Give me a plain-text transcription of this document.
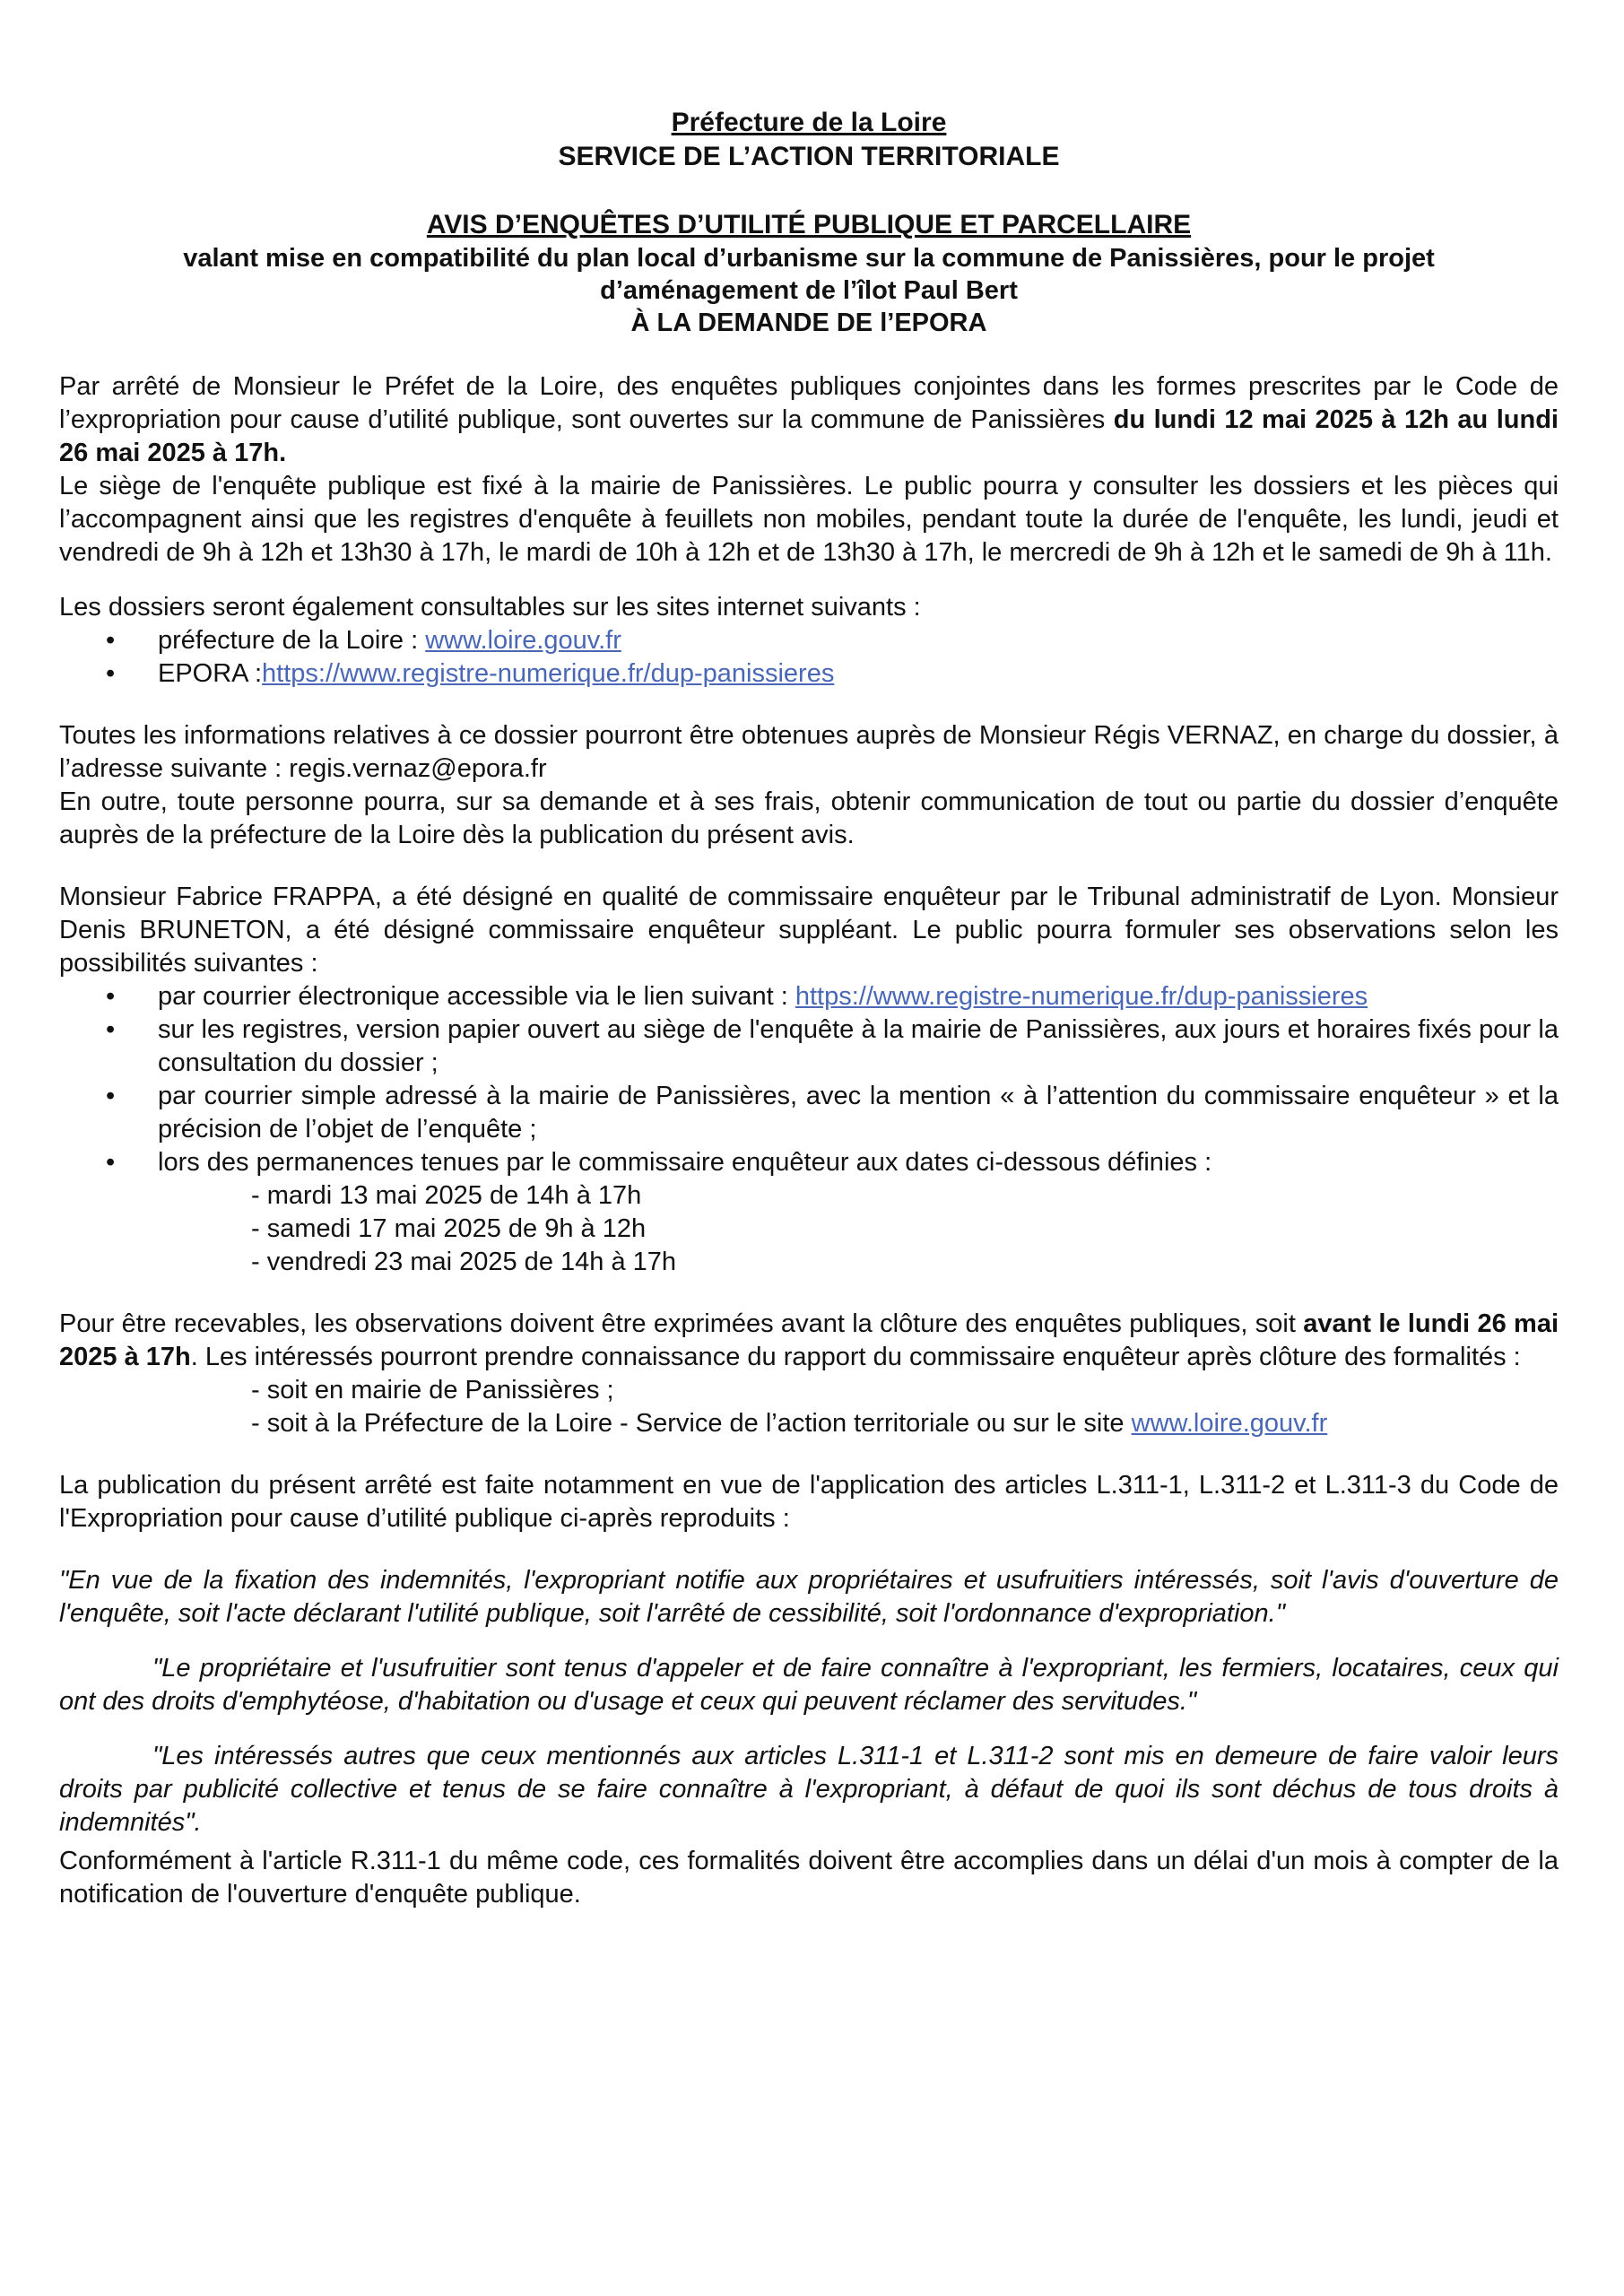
Préfecture de la Loire
SERVICE DE L’ACTION TERRITORIALE
AVIS D’ENQUÊTES D’UTILITÉ PUBLIQUE ET PARCELLAIRE
valant mise en compatibilité du plan local d’urbanisme sur la commune de Panissières, pour le projet d’aménagement de l’îlot Paul Bert
À LA DEMANDE DE l’EPORA

Par arrêté de Monsieur le Préfet de la Loire, des enquêtes publiques conjointes dans les formes prescrites par le Code de l’expropriation pour cause d’utilité publique, sont ouvertes sur la commune de Panissières du lundi 12 mai 2025 à 12h au lundi 26 mai 2025 à 17h.

Le siège de l'enquête publique est fixé à la mairie de Panissières. Le public pourra y consulter les dossiers et les pièces qui l’accompagnent ainsi que les registres d'enquête à feuillets non mobiles, pendant toute la durée de l'enquête, les lundi, jeudi et vendredi de 9h à 12h et 13h30 à 17h, le mardi de 10h à 12h et de 13h30 à 17h, le mercredi de 9h à 12h et le samedi de 9h à 11h.

Les dossiers seront également consultables sur les sites internet suivants :

• préfecture de la Loire : www.loire.gouv.fr
• EPORA :https://www.registre-numerique.fr/dup-panissieres

Toutes les informations relatives à ce dossier pourront être obtenues auprès de Monsieur Régis VERNAZ, en charge du dossier, à l’adresse suivante : regis.vernaz@epora.fr

En outre, toute personne pourra, sur sa demande et à ses frais, obtenir communication de tout ou partie du dossier d’enquête auprès de la préfecture de la Loire dès la publication du présent avis.

Monsieur Fabrice FRAPPA, a été désigné en qualité de commissaire enquêteur par le Tribunal administratif de Lyon. Monsieur Denis BRUNETON, a été désigné commissaire enquêteur suppléant. Le public pourra formuler ses observations selon les possibilités suivantes :

• par courrier électronique accessible via le lien suivant : https://www.registre-numerique.fr/dup-panissieres
• sur les registres, version papier ouvert au siège de l'enquête à la mairie de Panissières, aux jours et horaires fixés pour la consultation du dossier ;
• par courrier simple adressé à la mairie de Panissières, avec la mention « à l’attention du commissaire enquêteur » et la précision de l’objet de l’enquête ;
• lors des permanences tenues par le commissaire enquêteur aux dates ci-dessous définies :
- mardi 13 mai 2025 de 14h à 17h
- samedi 17 mai 2025 de 9h à 12h
- vendredi 23 mai 2025 de 14h à 17h

Pour être recevables, les observations doivent être exprimées avant la clôture des enquêtes publiques, soit avant le lundi 26 mai 2025 à 17h. Les intéressés pourront prendre connaissance du rapport du commissaire enquêteur après clôture des formalités :

- soit en mairie de Panissières ;
- soit à la Préfecture de la Loire - Service de l’action territoriale ou sur le site www.loire.gouv.fr

La publication du présent arrêté est faite notamment en vue de l'application des articles L.311-1, L.311-2 et L.311-3 du Code de l'Expropriation pour cause d’utilité publique ci-après reproduits :

"En vue de la fixation des indemnités, l'expropriant notifie aux propriétaires et usufruitiers intéressés, soit l'avis d'ouverture de l'enquête, soit l'acte déclarant l'utilité publique, soit l'arrêté de cessibilité, soit l'ordonnance d'expropriation."

"Le propriétaire et l'usufruitier sont tenus d'appeler et de faire connaître à l'expropriant, les fermiers, locataires, ceux qui ont des droits d'emphytéose, d'habitation ou d'usage et ceux qui peuvent réclamer des servitudes."

"Les intéressés autres que ceux mentionnés aux articles L.311-1 et L.311-2 sont mis en demeure de faire valoir leurs droits par publicité collective et tenus de se faire connaître à l'expropriant, à défaut de quoi ils sont déchus de tous droits à indemnités".

Conformément à l'article R.311-1 du même code, ces formalités doivent être accomplies dans un délai d'un mois à compter de la notification de l'ouverture d'enquête publique.
